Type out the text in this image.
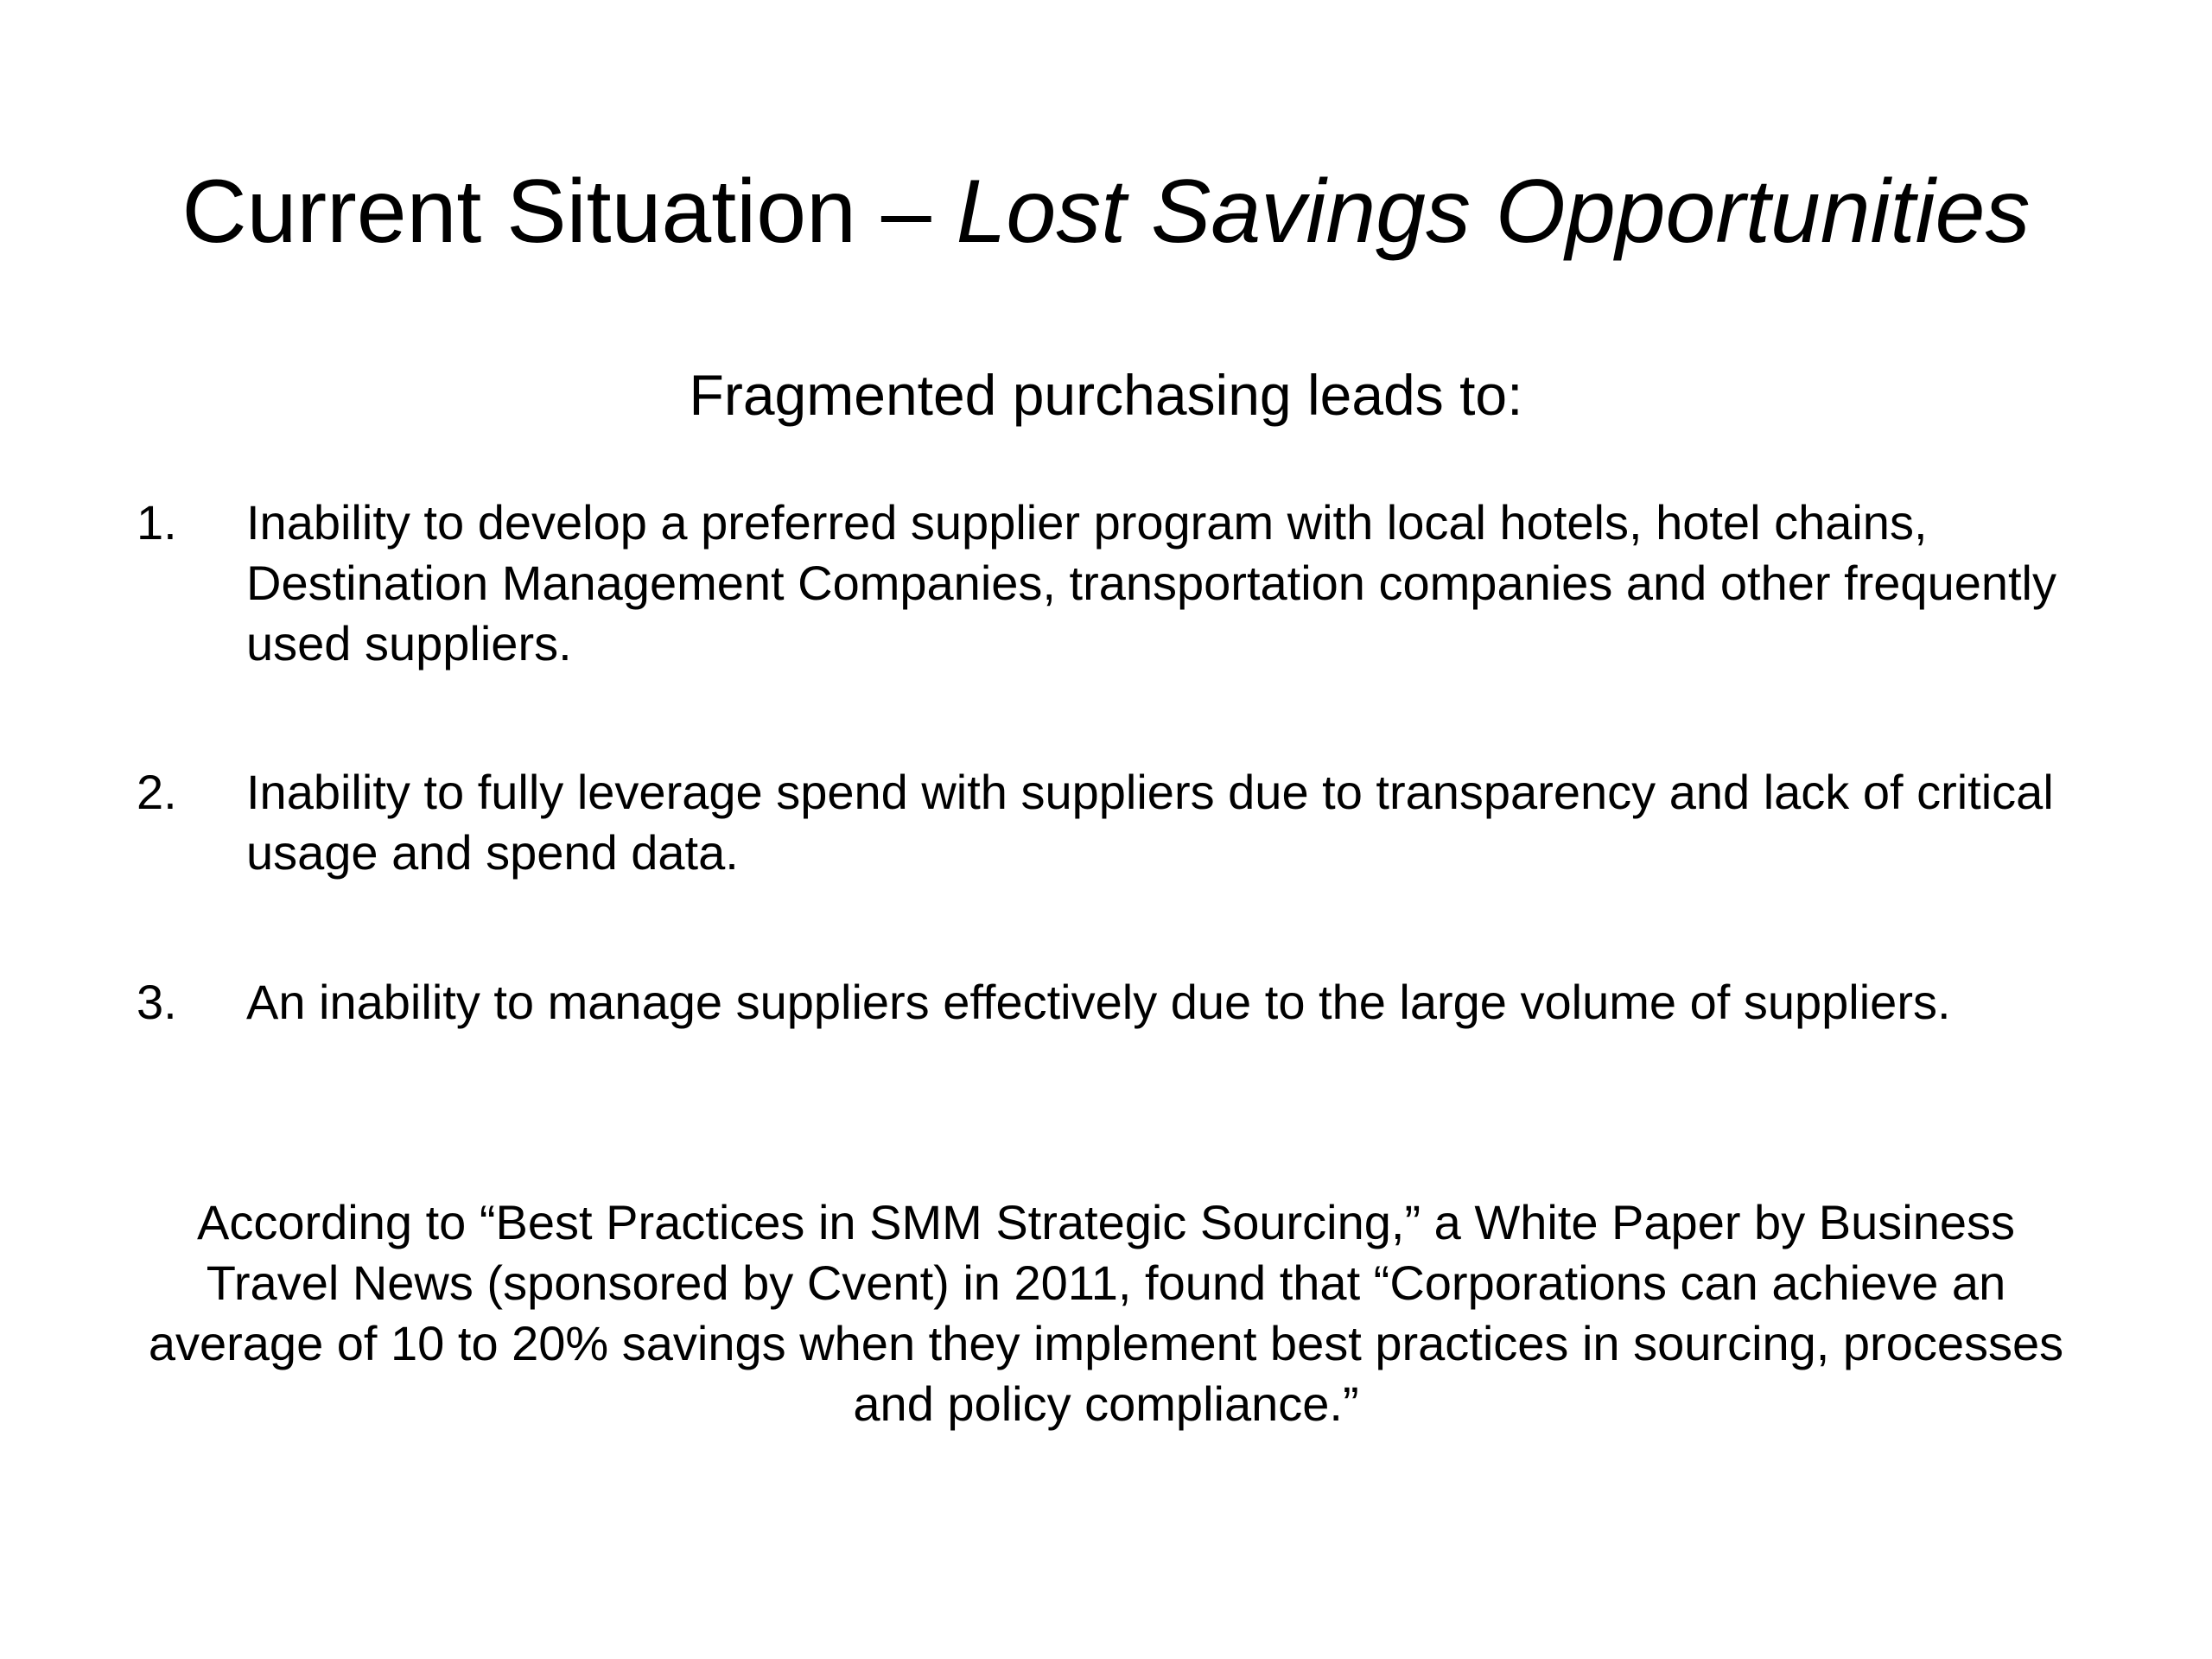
Current Situation – Lost Savings Opportunities
Fragmented purchasing leads to:
1.	Inability to develop a preferred supplier program with local hotels, hotel chains, Destination Management Companies, transportation companies and other frequently used suppliers.
2.	Inability to fully leverage spend with suppliers due to transparency and lack of critical usage and spend data.
3.	An inability to manage suppliers effectively due to the large volume of suppliers.
According to “Best Practices in SMM Strategic Sourcing,” a White Paper by Business Travel News (sponsored by Cvent) in 2011, found that “Corporations can achieve an average of 10 to 20% savings when they implement best practices in sourcing, processes and policy compliance.”
